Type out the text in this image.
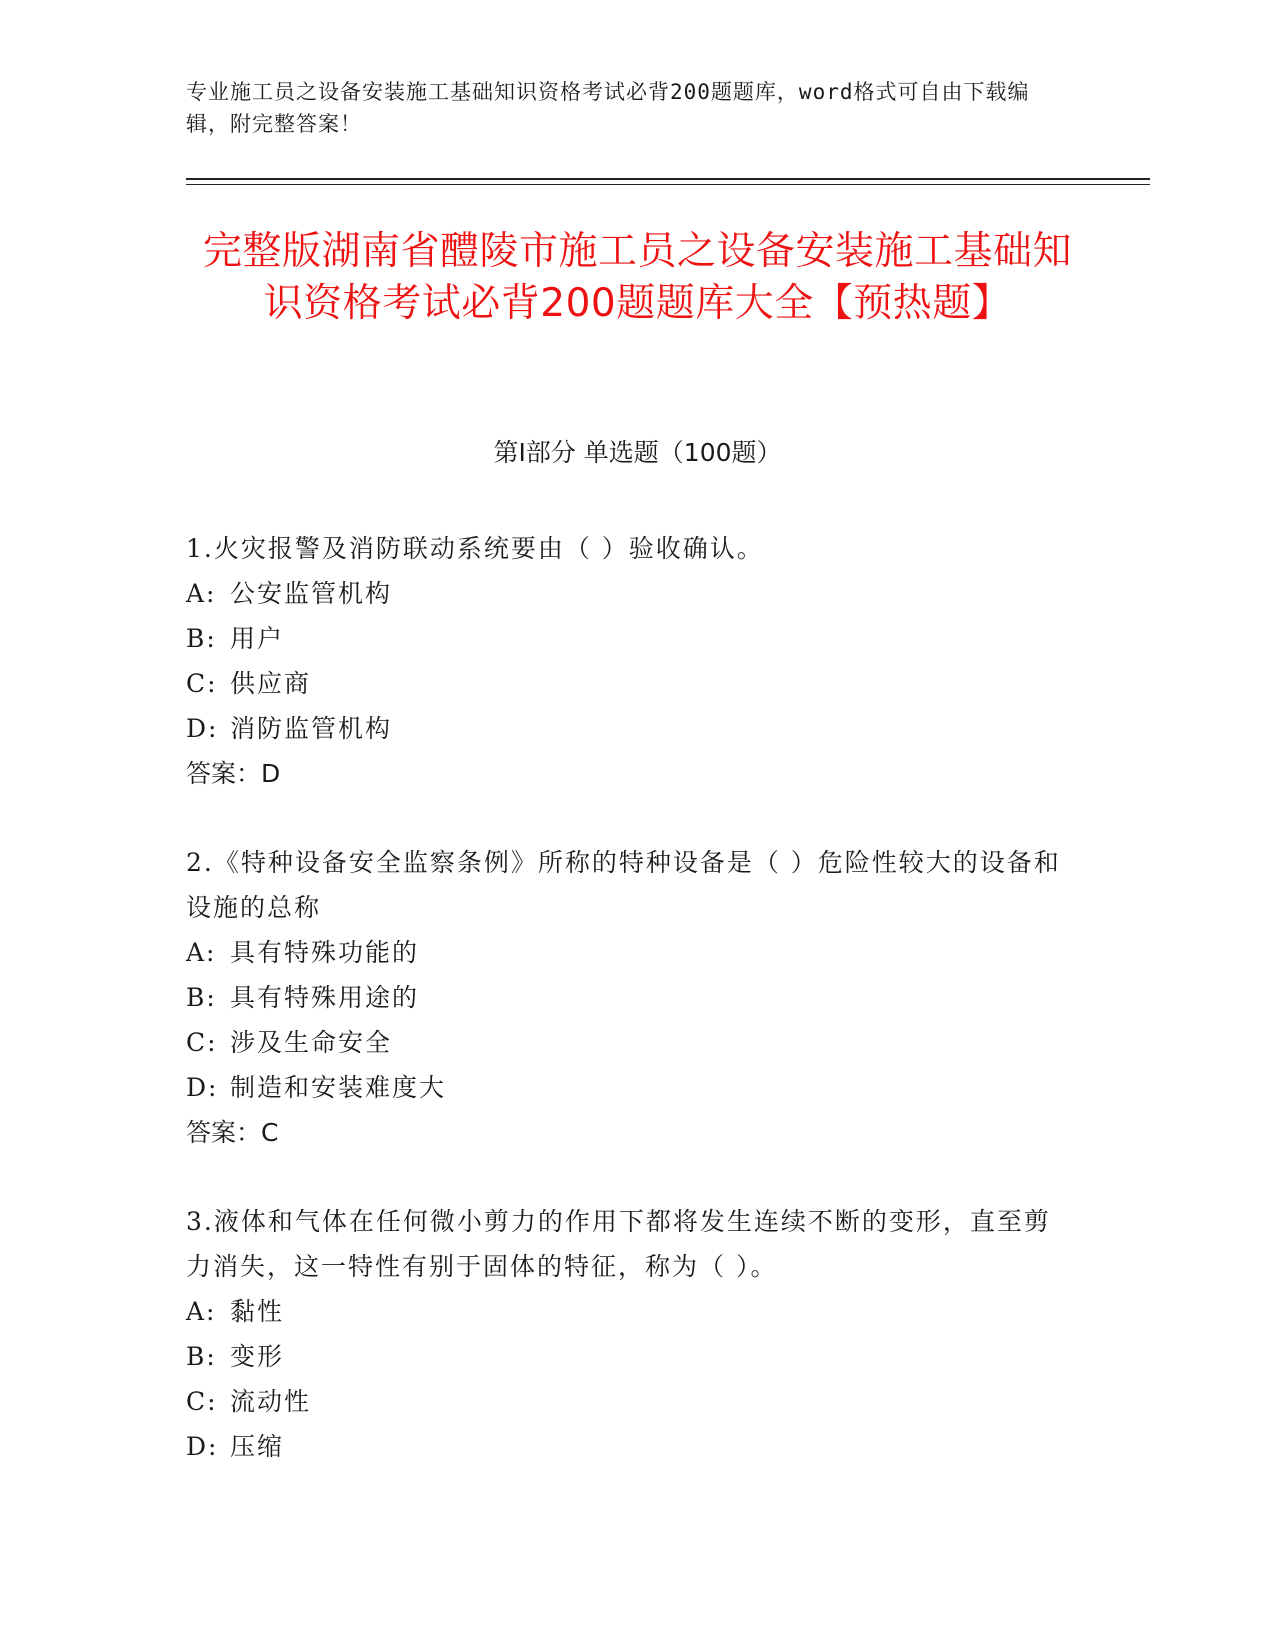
专业施工员之设备安装施工基础知识资格考试必背200题题库，word格式可自由下载编辑，附完整答案！
完整版湖南省醴陵市施工员之设备安装施工基础知识资格考试必背200题题库大全【预热题】
第Ⅰ部分 单选题（100题）

1.火灾报警及消防联动系统要由（ ）验收确认。

A: 公安监管机构

B: 用户

C: 供应商

D: 消防监管机构

答案：D

2.《特种设备安全监察条例》所称的特种设备是（ ）危险性较大的设备和设施的总称

A: 具有特殊功能的

B: 具有特殊用途的

C: 涉及生命安全

D: 制造和安装难度大

答案：C

3.液体和气体在任何微小剪力的作用下都将发生连续不断的变形，直至剪力消失，这一特性有别于固体的特征，称为（ ）。

A: 黏性

B: 变形

C: 流动性

D: 压缩
